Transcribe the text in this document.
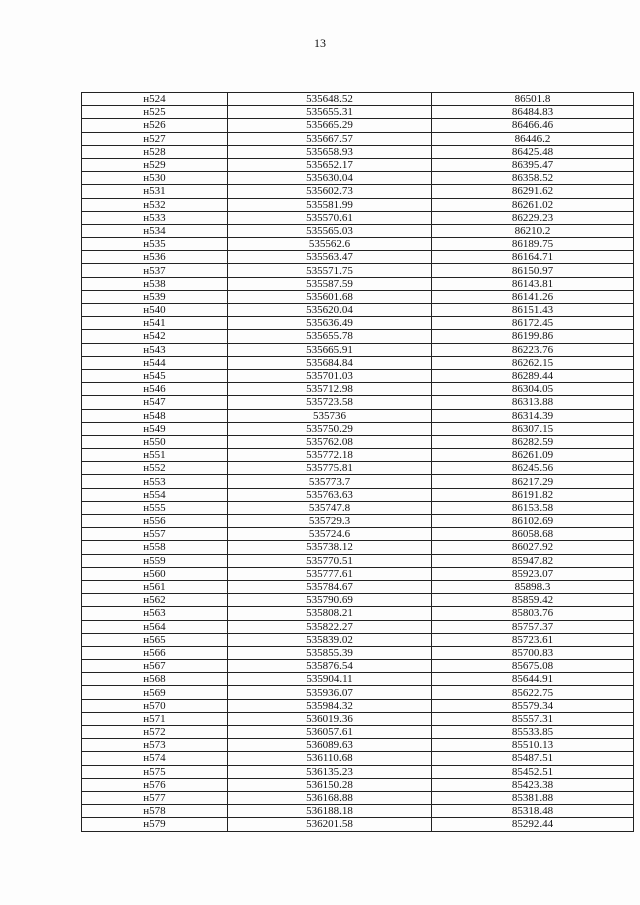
13
н524	535648.52	86501.8
н525	535655.31	86484.83
н526	535665.29	86466.46
н527	535667.57	86446.2
н528	535658.93	86425.48
н529	535652.17	86395.47
н530	535630.04	86358.52
н531	535602.73	86291.62
н532	535581.99	86261.02
н533	535570.61	86229.23
н534	535565.03	86210.2
н535	535562.6	86189.75
н536	535563.47	86164.71
н537	535571.75	86150.97
н538	535587.59	86143.81
н539	535601.68	86141.26
н540	535620.04	86151.43
н541	535636.49	86172.45
н542	535655.78	86199.86
н543	535665.91	86223.76
н544	535684.84	86262.15
н545	535701.03	86289.44
н546	535712.98	86304.05
н547	535723.58	86313.88
н548	535736	86314.39
н549	535750.29	86307.15
н550	535762.08	86282.59
н551	535772.18	86261.09
н552	535775.81	86245.56
н553	535773.7	86217.29
н554	535763.63	86191.82
н555	535747.8	86153.58
н556	535729.3	86102.69
н557	535724.6	86058.68
н558	535738.12	86027.92
н559	535770.51	85947.82
н560	535777.61	85923.07
н561	535784.67	85898.3
н562	535790.69	85859.42
н563	535808.21	85803.76
н564	535822.27	85757.37
н565	535839.02	85723.61
н566	535855.39	85700.83
н567	535876.54	85675.08
н568	535904.11	85644.91
н569	535936.07	85622.75
н570	535984.32	85579.34
н571	536019.36	85557.31
н572	536057.61	85533.85
н573	536089.63	85510.13
н574	536110.68	85487.51
н575	536135.23	85452.51
н576	536150.28	85423.38
н577	536168.88	85381.88
н578	536188.18	85318.48
н579	536201.58	85292.44
